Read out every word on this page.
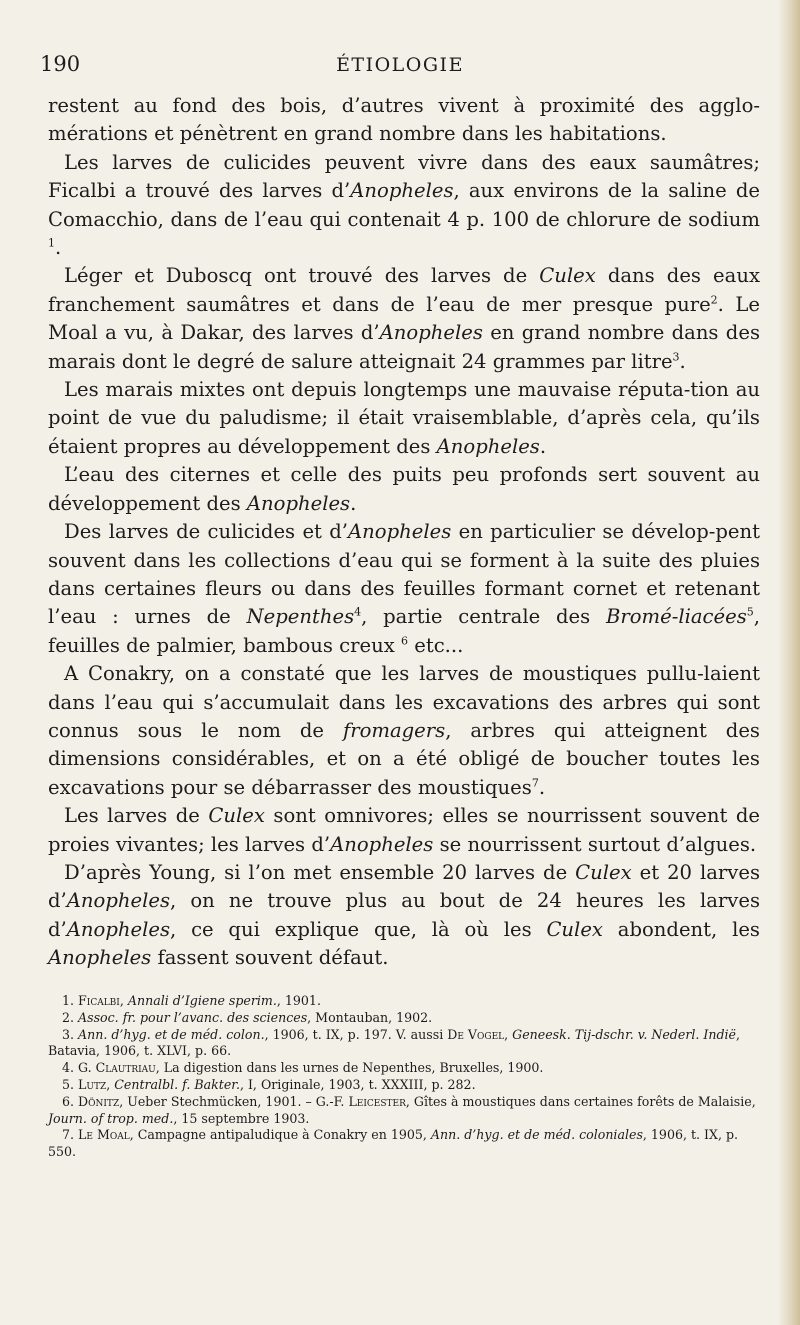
ÉTIOLOGIE
190

restent au fond des bois, d’autres vivent à proximité des agglo-mérations et pénètrent en grand nombre dans les habitations.

Les larves de culicides peuvent vivre dans des eaux saumâtres; Ficalbi a trouvé des larves d’Anopheles, aux environs de la saline de Comacchio, dans de l’eau qui contenait 4 p. 100 de chlorure de sodium $^1$.

Léger et Duboscq ont trouvé des larves de Culex dans des eaux franchement saumâtres et dans de l’eau de mer presque pure$^2$. Le Moal a vu, à Dakar, des larves d’Anopheles en grand nombre dans des marais dont le degré de salure atteignait 24 grammes par litre$^3$.

Les marais mixtes ont depuis longtemps une mauvaise réputa-tion au point de vue du paludisme; il était vraisemblable, d’après cela, qu’ils étaient propres au développement des Anopheles.

L’eau des citernes et celle des puits peu profonds sert souvent au développement des Anopheles.

Des larves de culicides et d’Anopheles en particulier se dévelop-pent souvent dans les collections d’eau qui se forment à la suite des pluies dans certaines fleurs ou dans des feuilles formant cornet et retenant l’eau : urnes de Nepenthes$^4$, partie centrale des Bromé-liacées$^5$, feuilles de palmier, bambous creux $^6$ etc...

A Conakry, on a constaté que les larves de moustiques pullu-laient dans l’eau qui s’accumulait dans les excavations des arbres qui sont connus sous le nom de fromagers, arbres qui atteignent des dimensions considérables, et on a été obligé de boucher toutes les excavations pour se débarrasser des moustiques$^7$.

Les larves de Culex sont omnivores; elles se nourrissent souvent de proies vivantes; les larves d’Anopheles se nourrissent surtout d’algues.

D’après Young, si l’on met ensemble 20 larves de Culex et 20 larves d’Anopheles, on ne trouve plus au bout de 24 heures les larves d’Anopheles, ce qui explique que, là où les Culex abondent, les Anopheles fassent souvent défaut.

1. Ficalbi, Annali d’Igiene sperim., 1901.

2. Assoc. fr. pour l’avanc. des sciences, Montauban, 1902.

3. Ann. d’hyg. et de méd. colon., 1906, t. IX, p. 197. V. aussi De Vogel, Geneesk. Tij-dschr. v. Nederl. Indië, Batavia, 1906, t. XLVI, p. 66.

4. G. Clautriau, La digestion dans les urnes de Nepenthes, Bruxelles, 1900.

5. Lutz, Centralbl. f. Bakter., I, Originale, 1903, t. XXXIII, p. 282.

6. Dönitz, Ueber Stechmücken, 1901. – G.-F. Leicester, Gîtes à moustiques dans certaines forêts de Malaisie, Journ. of trop. med., 15 septembre 1903.

7. Le Moal, Campagne antipaludique à Conakry en 1905, Ann. d’hyg. et de méd. coloniales, 1906, t. IX, p. 550.
